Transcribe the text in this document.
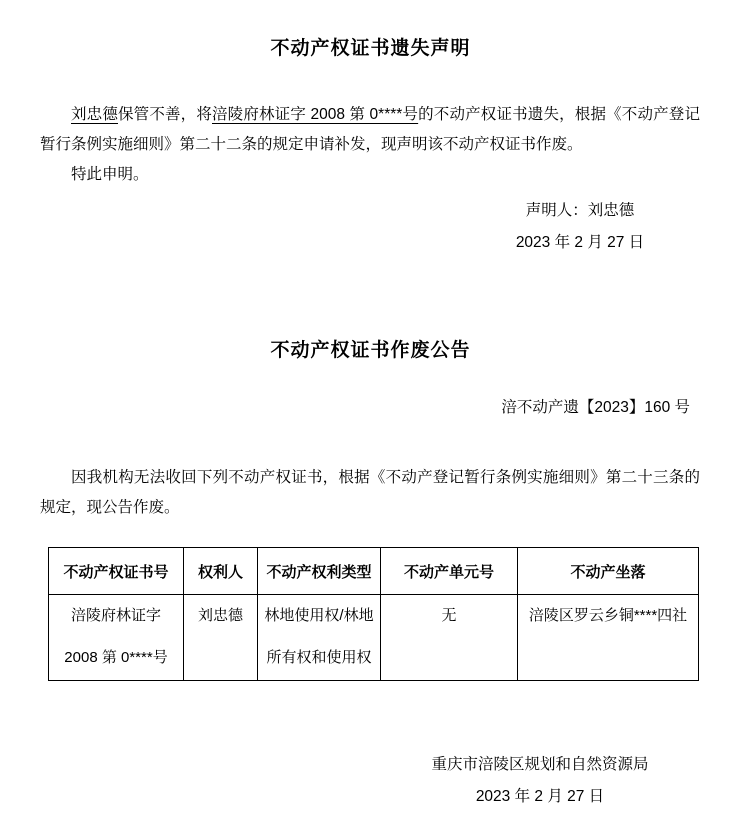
不动产权证书遗失声明

刘忠德保管不善，将涪陵府林证字 2008 第 0****号的不动产权证书遗失，根据《不动产登记暂行条例实施细则》第二十二条的规定申请补发，现声明该不动产权证书作废。

特此申明。

声明人：刘忠德
2023 年 2 月 27 日
不动产权证书作废公告
涪不动产遗【2023】160 号

因我机构无法收回下列不动产权证书，根据《不动产登记暂行条例实施细则》第二十三条的规定，现公告作废。

不动产权证书号	权利人	不动产权利类型	不动产单元号	不动产坐落
涪陵府林证字 2008 第 0****号	刘忠德	林地使用权/林地所有权和使用权	无	涪陵区罗云乡铜****四社
重庆市涪陵区规划和自然资源局
2023 年 2 月 27 日
